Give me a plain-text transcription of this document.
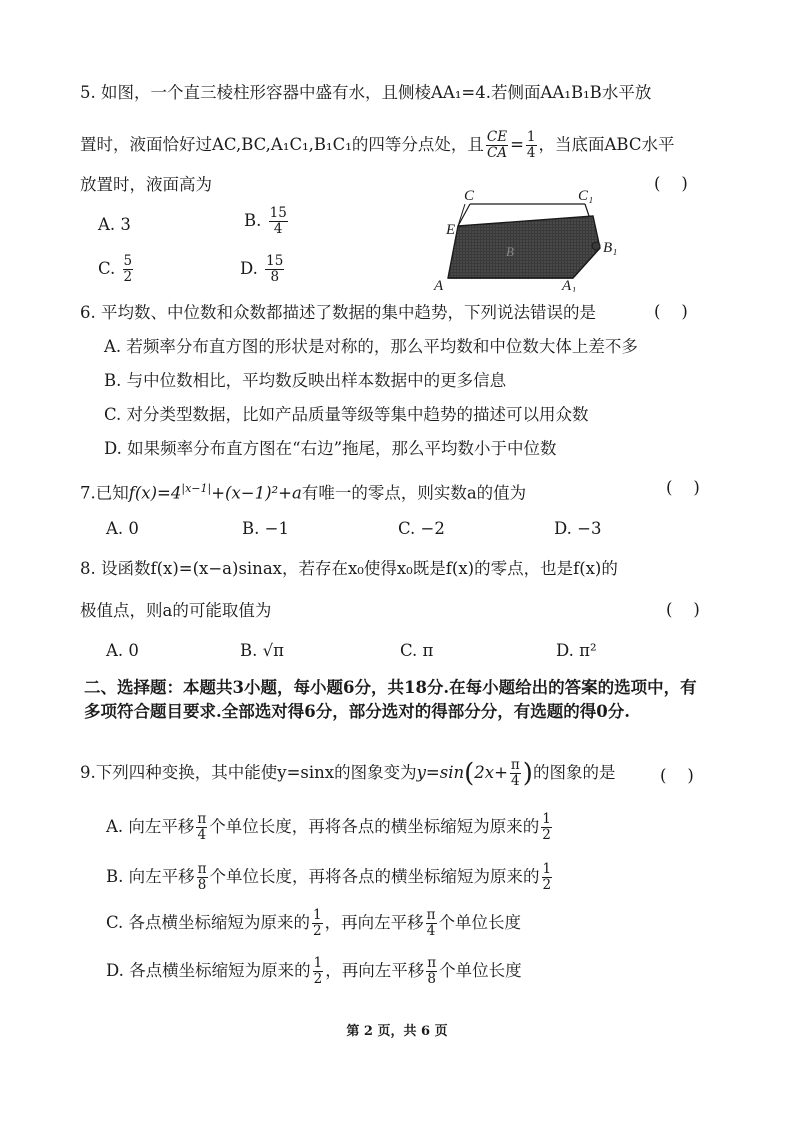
5. 如图，一个直三棱柱形容器中盛有水，且侧棱AA₁=4.若侧面AA₁B₁B水平放
置时，液面恰好过AC,BC,A₁C₁,B₁C₁的四等分点处，且 $\frac{CE}{CA} = \frac{1}{4}$ ，当底面ABC水平
放置时，液面高为	(    )
A. 3	B. $\frac{15}{4}$
C. $\frac{5}{2}$	D. $\frac{15}{8}$
C	C₁
E
B	B₁
A	A₁
6. 平均数、中位数和众数都描述了数据的集中趋势，下列说法错误的是	(    )
A. 若频率分布直方图的形状是对称的，那么平均数和中位数大体上差不多
B. 与中位数相比，平均数反映出样本数据中的更多信息
C. 对分类型数据，比如产品质量等级等集中趋势的描述可以用众数
D. 如果频率分布直方图在“右边”拖尾，那么平均数小于中位数
7.已知$f(x)=4^{|x-1|}+(x-1)^2+a$有唯一的零点，则实数a的值为	(    )
A. 0	B. −1	C. −2	D. −3
8. 设函数f(x)=(x−a)sinax，若存在x₀使得x₀既是f(x)的零点，也是f(x)的
极值点，则a的可能取值为	(    )
A. 0	B. √π	C. π	D. π²
二、选择题：本题共3小题，每小题6分，共18分.在每小题给出的答案的选项中，有多项符合题目要求.全部选对得6分，部分选对的得部分分，有选题的得0分.
9.下列四种变换，其中能使y=sinx的图象变为$y=\sin(2x+ \frac{\pi}{4}$ )的图象的是	(    )
A. 向左平移 $\frac{\pi}{4}$ 个单位长度，再将各点的横坐标缩短为原来的 $\frac{1}{2}$
B. 向左平移 $\frac{\pi}{8}$ 个单位长度，再将各点的横坐标缩短为原来的 $\frac{1}{2}$
C. 各点横坐标缩短为原来的 $\frac{1}{2}$ ，再向左平移 $\frac{\pi}{4}$ 个单位长度
D. 各点横坐标缩短为原来的 $\frac{1}{2}$ ，再向左平移 $\frac{\pi}{8}$ 个单位长度
第 2 页，共 6 页
